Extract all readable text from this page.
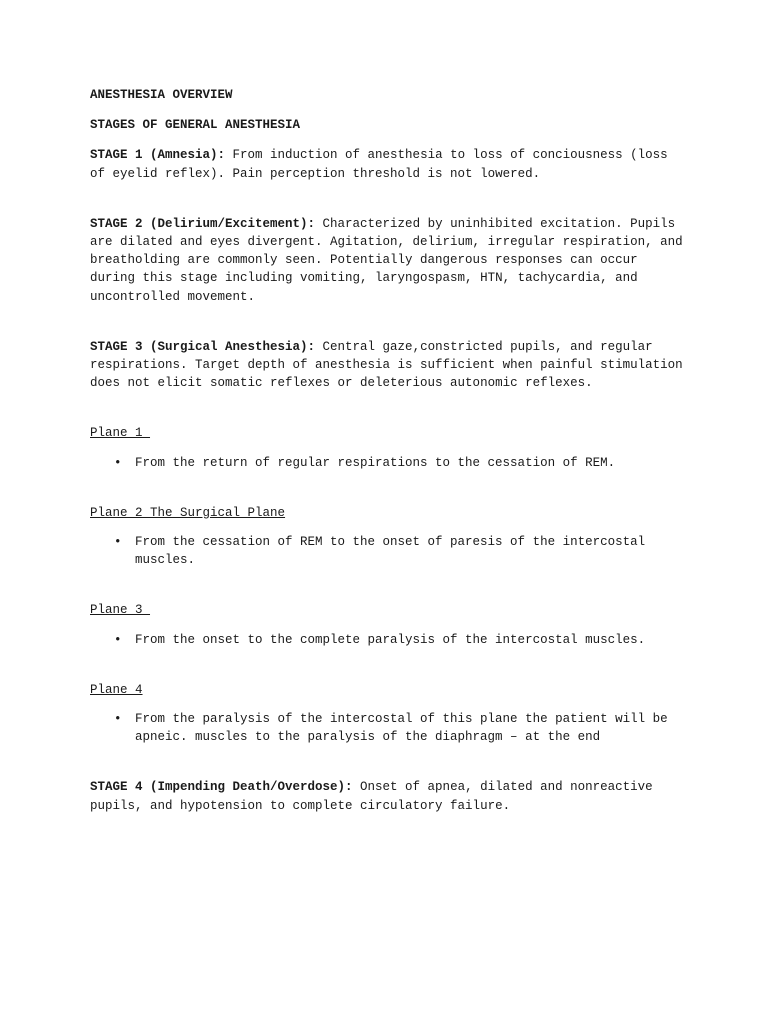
ANESTHESIA OVERVIEW

STAGES OF GENERAL ANESTHESIA

STAGE 1 (Amnesia): From induction of anesthesia to loss of conciousness (loss of eyelid reflex). Pain perception threshold is not lowered.

STAGE 2 (Delirium/Excitement): Characterized by uninhibited excitation. Pupils are dilated and eyes divergent. Agitation, delirium, irregular respiration, and breatholding are commonly seen. Potentially dangerous responses can occur during this stage including vomiting, laryngospasm, HTN, tachycardia, and uncontrolled movement.

STAGE 3 (Surgical Anesthesia): Central gaze,constricted pupils, and regular respirations. Target depth of anesthesia is sufficient when painful stimulation does not elicit somatic reflexes or deleterious autonomic reflexes.

Plane 1

• From the return of regular respirations to the cessation of REM.

Plane 2 The Surgical Plane

• From the cessation of REM to the onset of paresis of the intercostal muscles.

Plane 3

• From the onset to the complete paralysis of the intercostal muscles.

Plane 4

• From the paralysis of the intercostal of this plane the patient will be apneic. muscles to the paralysis of the diaphragm – at the end

STAGE 4 (Impending Death/Overdose): Onset of apnea, dilated and nonreactive pupils, and hypotension to complete circulatory failure.
